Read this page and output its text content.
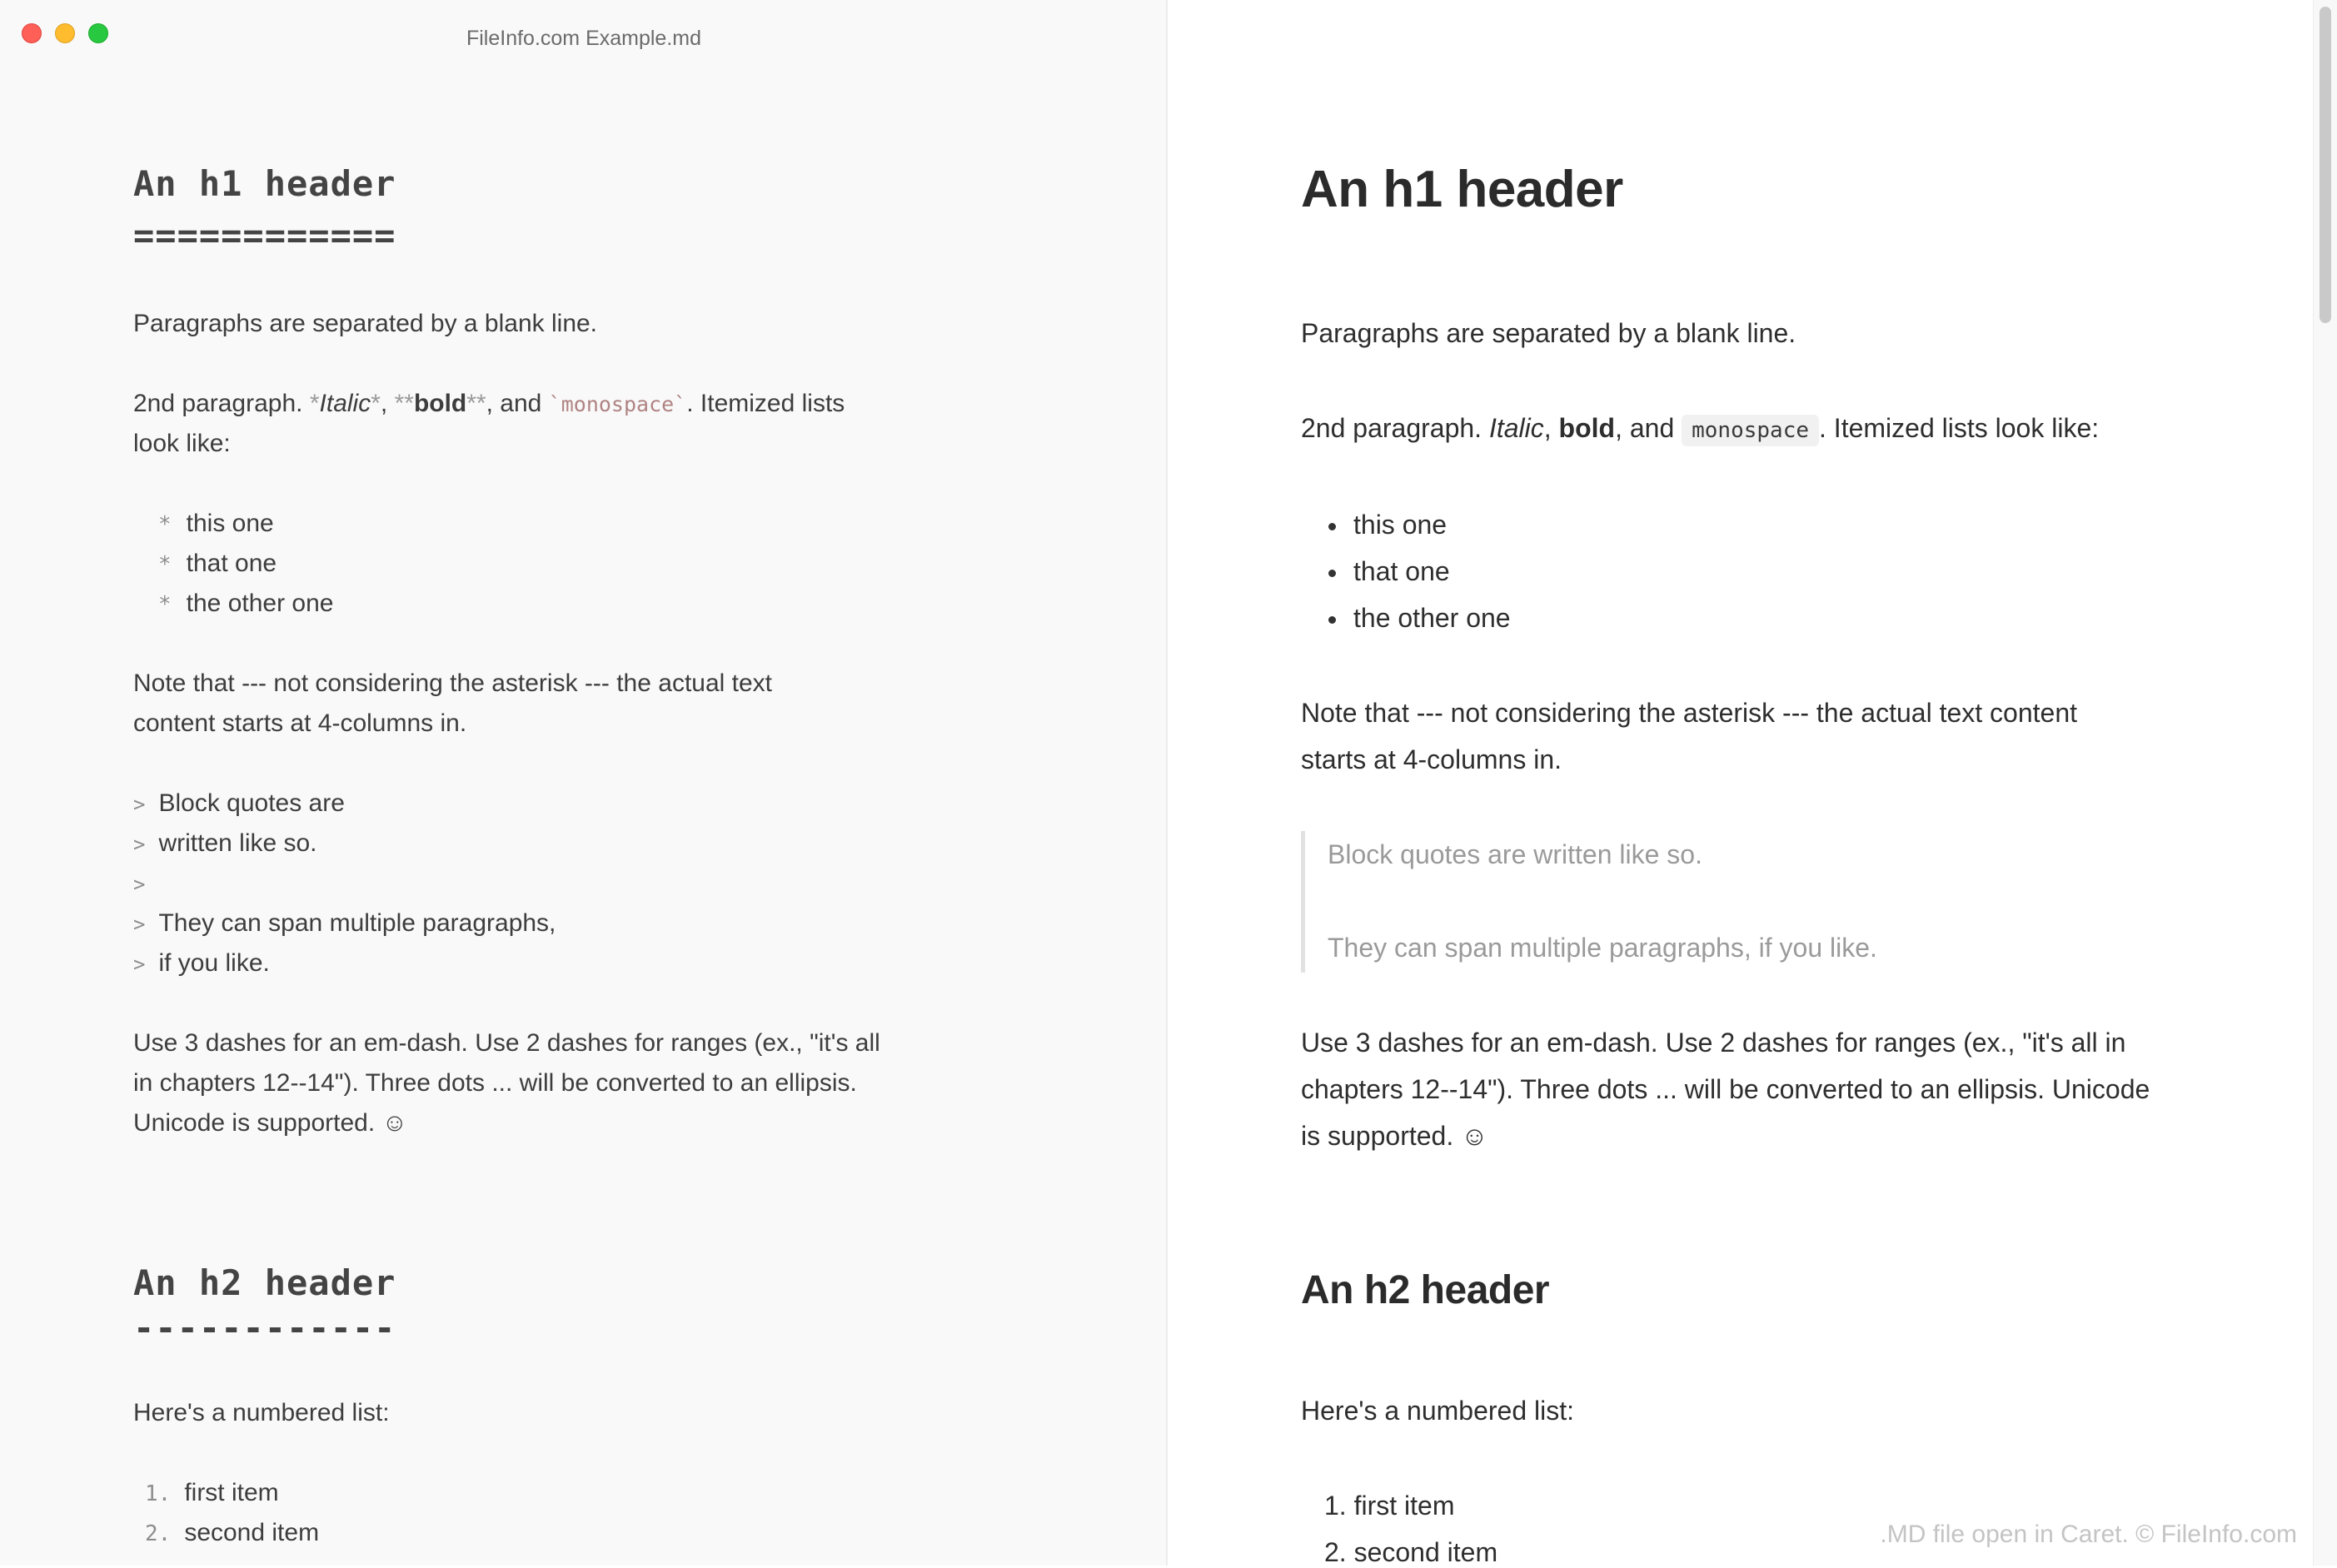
FileInfo.com Example.md
An h1 header
============
Paragraphs are separated by a blank line.
2nd paragraph. *Italic*, **bold**, and `monospace`. Itemized lists
look like:
* this one
* that one
* the other one
Note that --- not considering the asterisk --- the actual text
content starts at 4-columns in.
> Block quotes are
> written like so.
>
> They can span multiple paragraphs,
> if you like.
Use 3 dashes for an em-dash. Use 2 dashes for ranges (ex., "it's all
in chapters 12--14"). Three dots ... will be converted to an ellipsis.
Unicode is supported. ☺
An h2 header
------------
Here's a numbered list:
1. first item
2. second item
An h1 header
Paragraphs are separated by a blank line.
2nd paragraph. Italic, bold, and monospace . Itemized lists look like:
this one
that one
the other one
Note that --- not considering the asterisk --- the actual text content
starts at 4-columns in.
Block quotes are written like so.
They can span multiple paragraphs, if you like.
Use 3 dashes for an em-dash. Use 2 dashes for ranges (ex., "it's all in
chapters 12--14"). Three dots ... will be converted to an ellipsis. Unicode
is supported. ☺
An h2 header
Here's a numbered list:
1. first item
2. second item
.MD file open in Caret. © FileInfo.com
